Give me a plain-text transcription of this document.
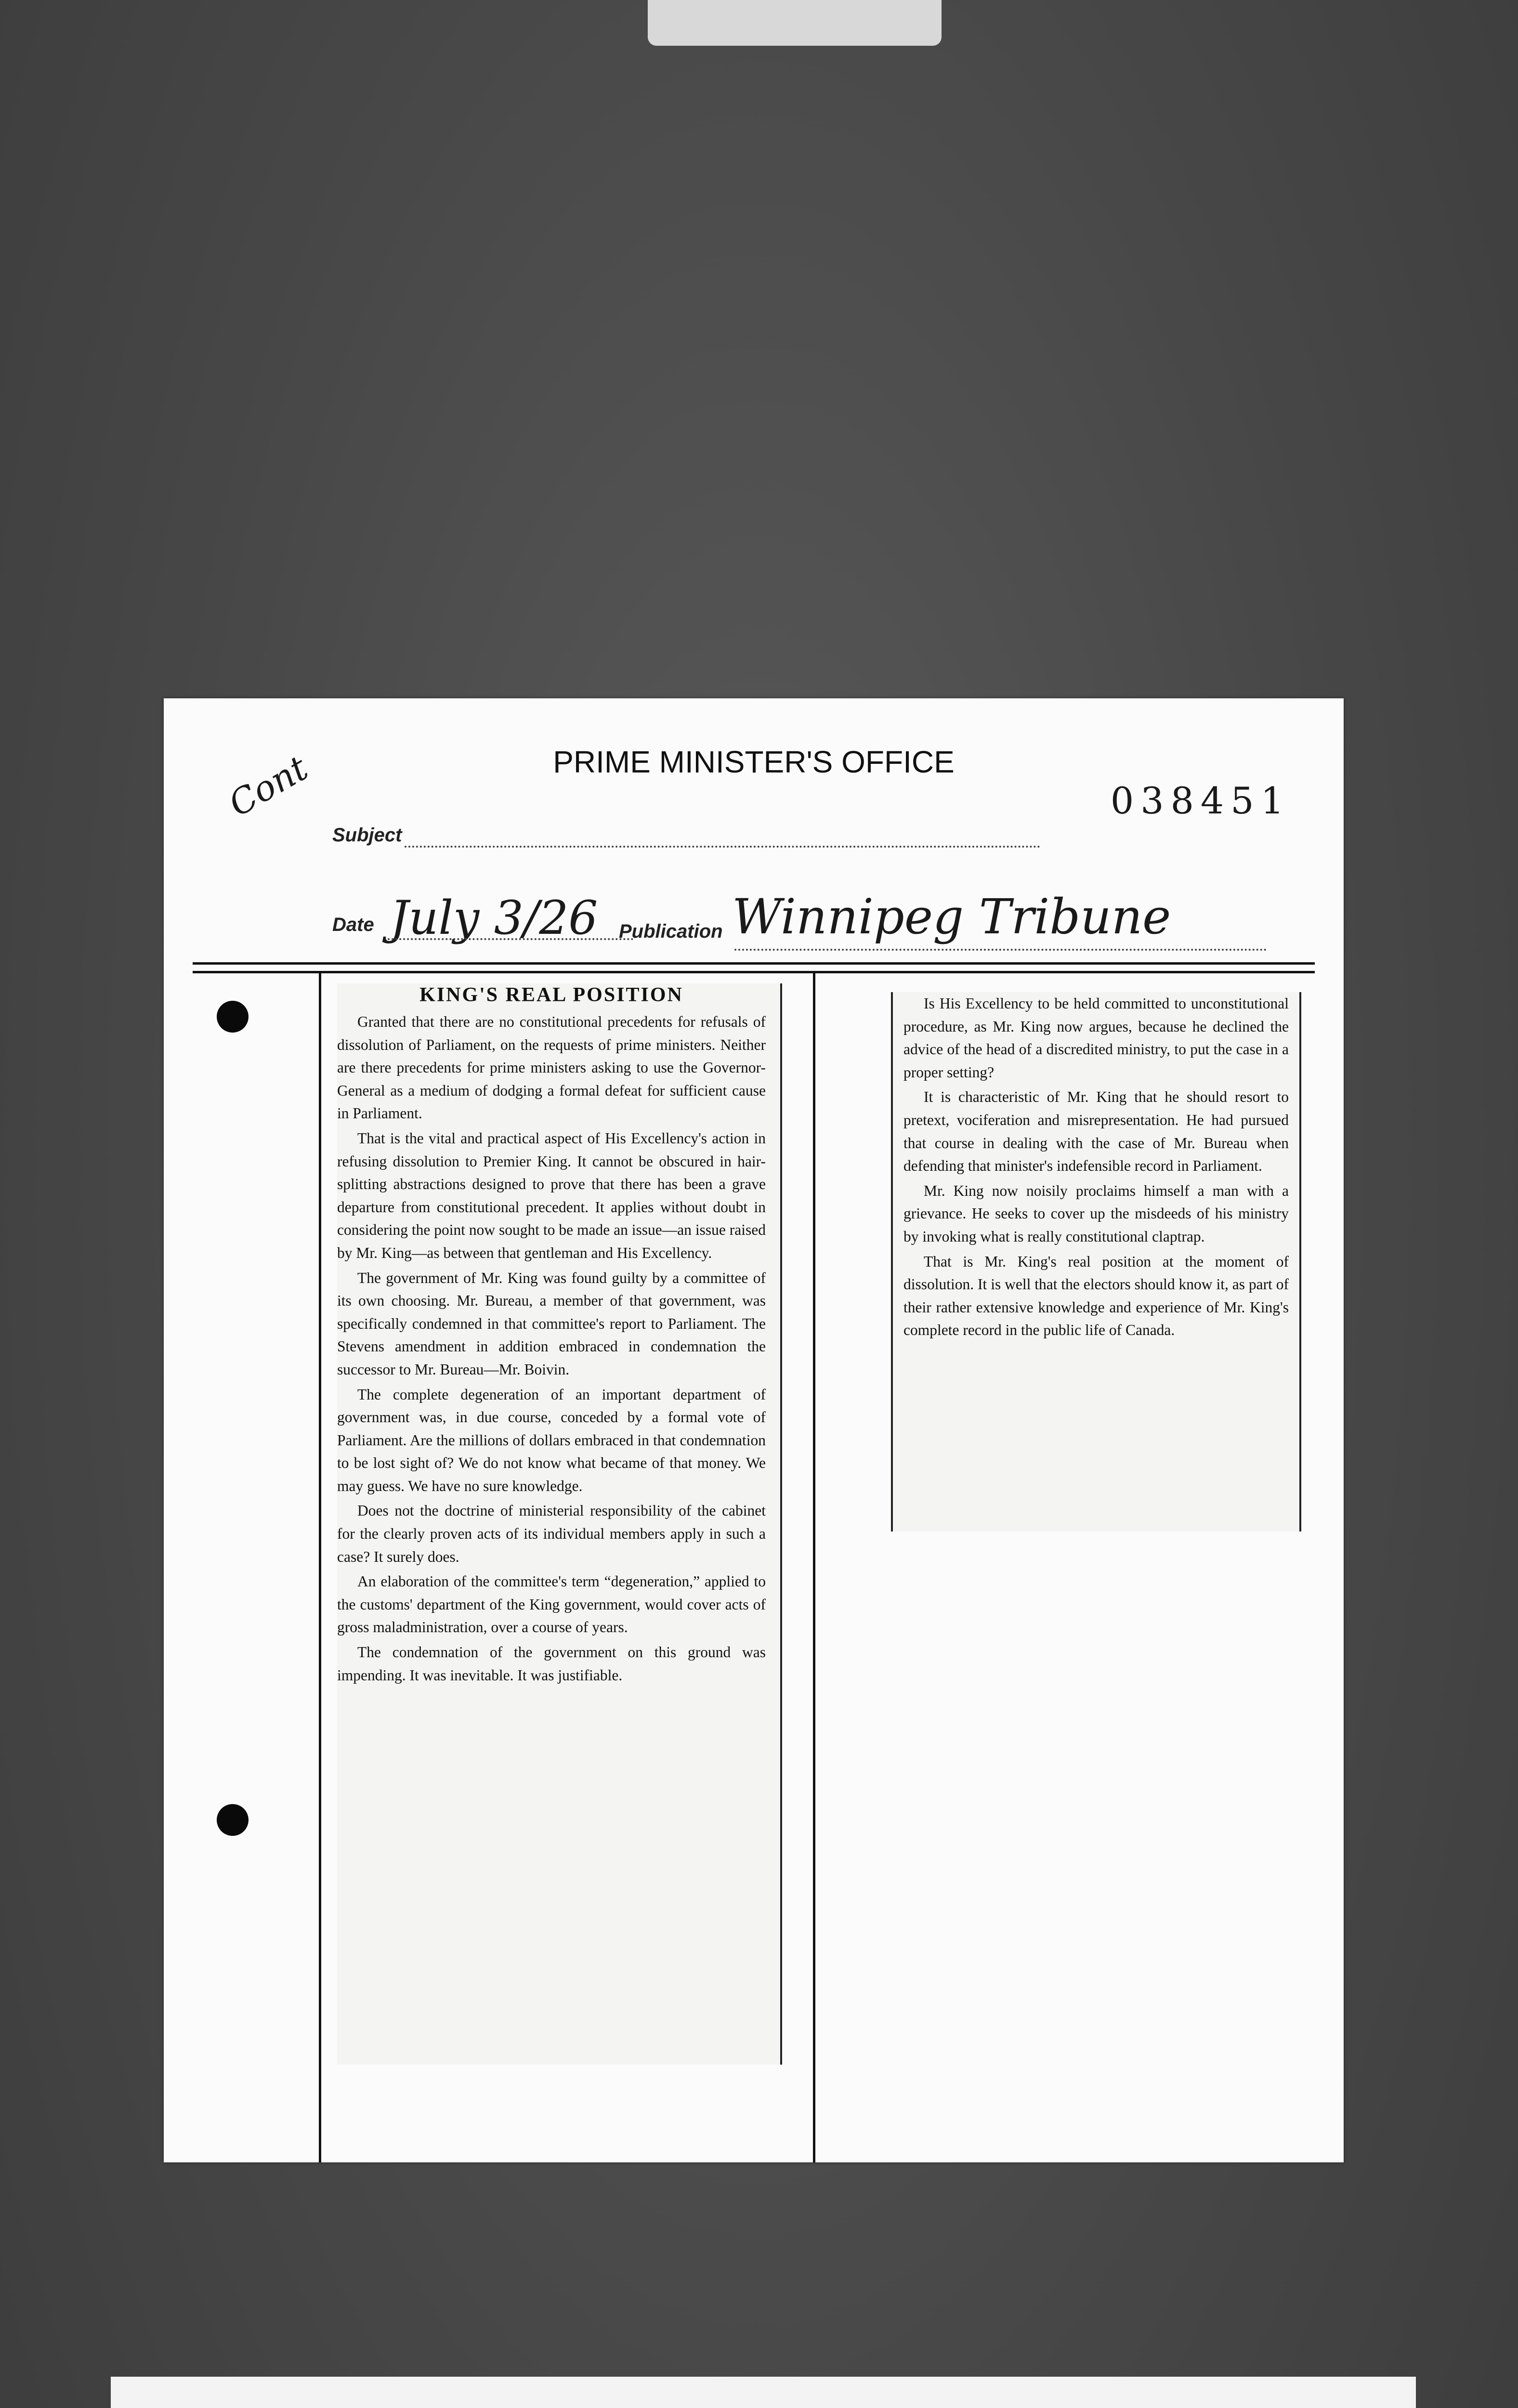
PRIME MINISTER'S OFFICE
Cont	038451
Subject
Date July 3/26 Publication Winnipeg Tribune
KING'S REAL POSITION

Granted that there are no constitutional precedents for refusals of dissolution of Parliament, on the requests of prime ministers. Neither are there precedents for prime ministers asking to use the Governor-General as a medium of dodging a formal defeat for sufficient cause in Parliament.

That is the vital and practical aspect of His Excellency's action in refusing dissolution to Premier King. It cannot be obscured in hair-splitting abstractions designed to prove that there has been a grave departure from constitutional precedent. It applies without doubt in considering the point now sought to be made an issue—an issue raised by Mr. King—as between that gentleman and His Excellency.

The government of Mr. King was found guilty by a committee of its own choosing. Mr. Bureau, a member of that government, was specifically condemned in that committee's report to Parliament. The Stevens amendment in addition embraced in condemnation the successor to Mr. Bureau—Mr. Boivin.

The complete degeneration of an important department of government was, in due course, conceded by a formal vote of Parliament. Are the millions of dollars embraced in that condemnation to be lost sight of? We do not know what became of that money. We may guess. We have no sure knowledge.

Does not the doctrine of ministerial responsibility of the cabinet for the clearly proven acts of its individual members apply in such a case? It surely does.

An elaboration of the committee's term “degeneration,” applied to the customs' department of the King government, would cover acts of gross maladministration, over a course of years.

The condemnation of the government on this ground was impending. It was inevitable. It was justifiable.

Is His Excellency to be held committed to unconstitutional procedure, as Mr. King now argues, because he declined the advice of the head of a discredited ministry, to put the case in a proper setting?

It is characteristic of Mr. King that he should resort to pretext, vociferation and misrepresentation. He had pursued that course in dealing with the case of Mr. Bureau when defending that minister's indefensible record in Parliament.

Mr. King now noisily proclaims himself a man with a grievance. He seeks to cover up the misdeeds of his ministry by invoking what is really constitutional claptrap.

That is Mr. King's real position at the moment of dissolution. It is well that the electors should know it, as part of their rather extensive knowledge and experience of Mr. King's complete record in the public life of Canada.
